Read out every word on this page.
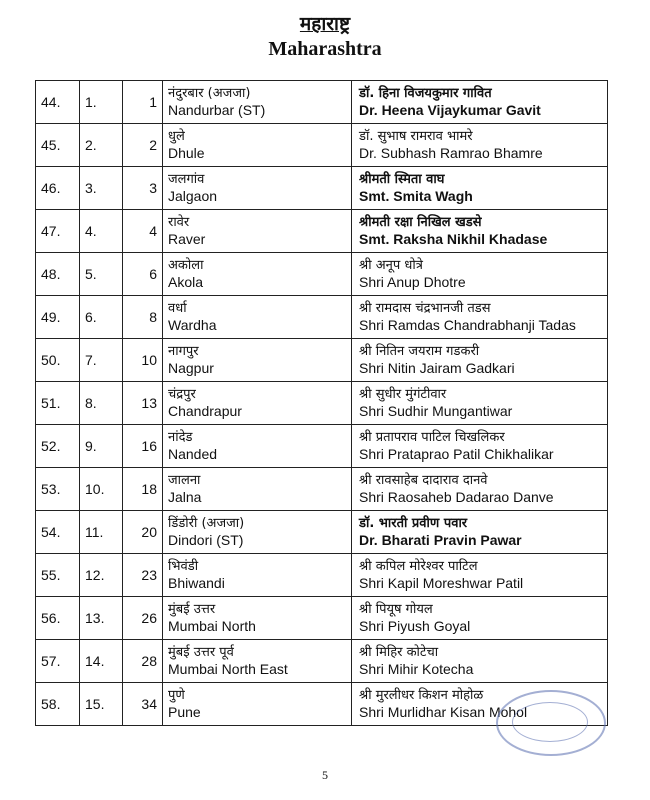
महाराष्ट्र
Maharashtra
44.	1.	1	नंदुरबार (अजजा)
Nandurbar (ST)	डॉ. हिना विजयकुमार गावित
Dr. Heena Vijaykumar Gavit

45.	2.	2	धुले
Dhule	डॉ. सुभाष रामराव भामरे
Dr. Subhash Ramrao Bhamre

46.	3.	3	जलगांव
Jalgaon	श्रीमती स्मिता वाघ
Smt. Smita Wagh

47.	4.	4	रावेर
Raver	श्रीमती रक्षा निखिल खडसे
Smt. Raksha Nikhil Khadase

48.	5.	6	अकोला
Akola	श्री अनूप धोत्रे
Shri Anup Dhotre

49.	6.	8	वर्धा
Wardha	श्री रामदास चंद्रभानजी तडस
Shri Ramdas Chandrabhanji Tadas

50.	7.	10	नागपुर
Nagpur	श्री नितिन जयराम गडकरी
Shri Nitin Jairam Gadkari

51.	8.	13	चंद्रपुर
Chandrapur	श्री सुधीर मुंगंटीवार
Shri Sudhir Mungantiwar

52.	9.	16	नांदेड
Nanded	श्री प्रतापराव पाटिल चिखलिकर
Shri Prataprao Patil Chikhalikar

53.	10.	18	जालना
Jalna	श्री रावसाहेब दादाराव दानवे
Shri Raosaheb Dadarao Danve

54.	11.	20	डिंडोरी (अजजा)
Dindori (ST)	डॉ. भारती प्रवीण पवार
Dr. Bharati Pravin Pawar

55.	12.	23	भिवंडी
Bhiwandi	श्री कपिल मोरेश्वर पाटिल
Shri Kapil Moreshwar Patil

56.	13.	26	मुंबई उत्तर
Mumbai North	श्री पियूष गोयल
Shri Piyush Goyal

57.	14.	28	मुंबई उत्तर पूर्व
Mumbai North East	श्री मिहिर कोटेचा
Shri Mihir Kotecha

58.	15.	34	पुणे
Pune	श्री मुरलीधर किशन मोहोळ
Shri Murlidhar Kisan Mohol
5
